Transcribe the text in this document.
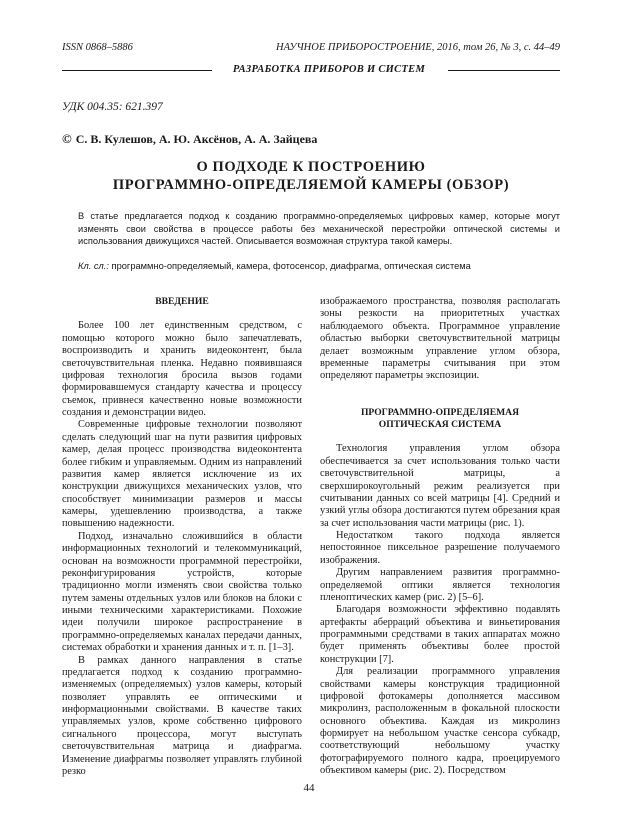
ISSN 0868–5886	НАУЧНОЕ ПРИБОРОСТРОЕНИЕ, 2016, том 26, № 3, с. 44–49
РАЗРАБОТКА ПРИБОРОВ И СИСТЕМ
УДК 004.35: 621.397
© С. В. Кулешов, А. Ю. Аксёнов, А. А. Зайцева
О ПОДХОДЕ К ПОСТРОЕНИЮ
ПРОГРАММНО-ОПРЕДЕЛЯЕМОЙ КАМЕРЫ (ОБЗОР)
В статье предлагается подход к созданию программно-определяемых цифровых камер, которые могут изменять свои свойства в процессе работы без механической перестройки оптической системы и использования движущихся частей. Описывается возможная структура такой камеры.
Кл. сл.: программно-определяемый, камера, фотосенсор, диафрагма, оптическая система
ВВЕДЕНИЕ

Более 100 лет единственным средством, с помощью которого можно было запечатлевать, воспроизводить и хранить видеоконтент, была светочувствительная пленка. Недавно появившаяся цифровая технология бросила вызов годами формировавшемуся стандарту качества и процессу съемок, привнеся качественно новые возможности создания и демонстрации видео.

Современные цифровые технологии позволяют сделать следующий шаг на пути развития цифровых камер, делая процесс производства видеоконтента более гибким и управляемым. Одним из направлений развития камер является исключение из их конструкции движущихся механических узлов, что способствует минимизации размеров и массы камеры, удешевлению производства, а также повышению надежности.

Подход, изначально сложившийся в области информационных технологий и телекоммуникаций, основан на возможности программной перестройки, реконфигурирования устройств, которые традиционно могли изменять свои свойства только путем замены отдельных узлов или блоков на блоки с иными техническими характеристиками. Похожие идеи получили широкое распространение в программно-определяемых каналах передачи данных, системах обработки и хранения данных и т. п. [1–3].

В рамках данного направления в статье предлагается подход к созданию программно-изменяемых (определяемых) узлов камеры, который позволяет управлять ее оптическими и информационными свойствами. В качестве таких управляемых узлов, кроме собственно цифрового сигнального процессора, могут выступать светочувствительная матрица и диафрагма. Изменение диафрагмы позволяет управлять глубиной резко

изображаемого пространства, позволяя располагать зоны резкости на приоритетных участках наблюдаемого объекта. Программное управление областью выборки светочувствительной матрицы делает возможным управление углом обзора, временные параметры считывания при этом определяют параметры экспозиции.

ПРОГРАММНО-ОПРЕДЕЛЯЕМАЯ
ОПТИЧЕСКАЯ СИСТЕМА

Технология управления углом обзора обеспечивается за счет использования только части светочувствительной матрицы, а сверхширокоугольный режим реализуется при считывании данных со всей матрицы [4]. Средний и узкий углы обзора достигаются путем обрезания края за счет использования части матрицы (рис. 1).

Недостатком такого подхода является непостоянное пиксельное разрешение получаемого изображения.

Другим направлением развития программно-определяемой оптики является технология пленоптических камер (рис. 2) [5–6].

Благодаря возможности эффективно подавлять артефакты аберраций объектива и виньетирования программными средствами в таких аппаратах можно будет применять объективы более простой конструкции [7].

Для реализации программного управления свойствами камеры конструкция традиционной цифровой фотокамеры дополняется массивом микролинз, расположенным в фокальной плоскости основного объектива. Каждая из микролинз формирует на небольшом участке сенсора субкадр, соответствующий небольшому участку фотографируемого полного кадра, проецируемого объективом камеры (рис. 2). Посредством

44
